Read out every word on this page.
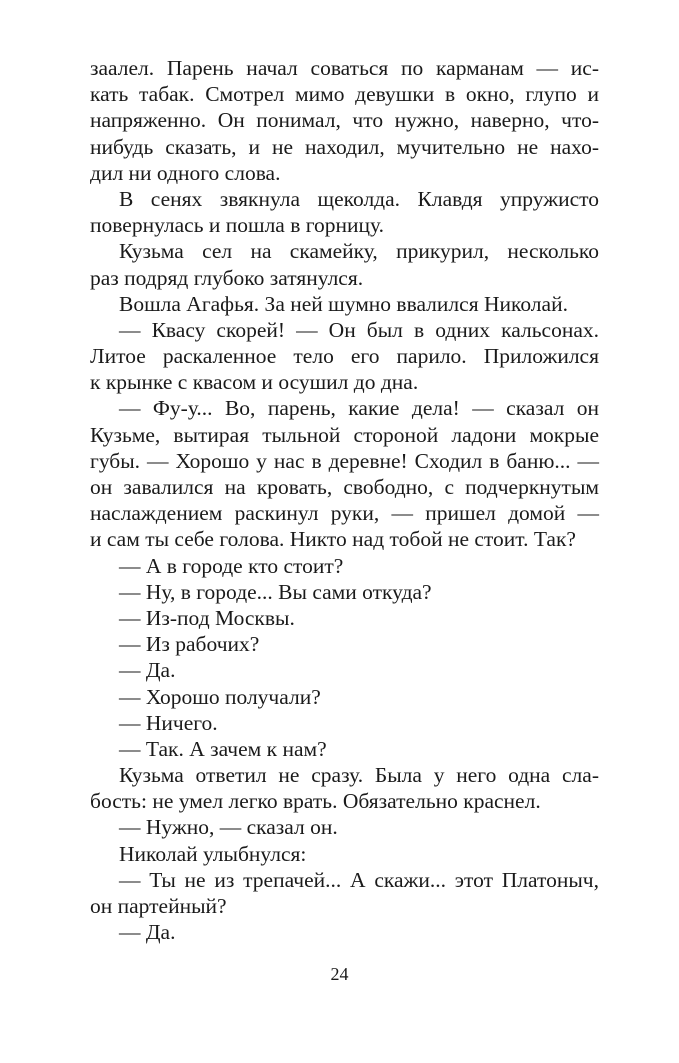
заалел. Парень начал соваться по карманам — ис-
кать табак. Смотрел мимо девушки в окно, глупо и
напряженно. Он понимал, что нужно, наверно, что-
нибудь сказать, и не находил, мучительно не нахо-
дил ни одного слова.
В сенях звякнула щеколда. Клавдя упружисто
повернулась и пошла в горницу.
Кузьма сел на скамейку, прикурил, несколько
раз подряд глубоко затянулся.
Вошла Агафья. За ней шумно ввалился Николай.
— Квасу скорей! — Он был в одних кальсонах.
Литое раскаленное тело его парило. Приложился
к крынке с квасом и осушил до дна.
— Фу-у... Во, парень, какие дела! — сказал он
Кузьме, вытирая тыльной стороной ладони мокрые
губы. — Хорошо у нас в деревне! Сходил в баню... —
он завалился на кровать, свободно, с подчеркнутым
наслаждением раскинул руки, — пришел домой —
и сам ты себе голова. Никто над тобой не стоит. Так?
— А в городе кто стоит?
— Ну, в городе... Вы сами откуда?
— Из-под Москвы.
— Из рабочих?
— Да.
— Хорошо получали?
— Ничего.
— Так. А зачем к нам?
Кузьма ответил не сразу. Была у него одна сла-
бость: не умел легко врать. Обязательно краснел.
— Нужно, — сказал он.
Николай улыбнулся:
— Ты не из трепачей... А скажи... этот Платоныч,
он партейный?
— Да.
24
